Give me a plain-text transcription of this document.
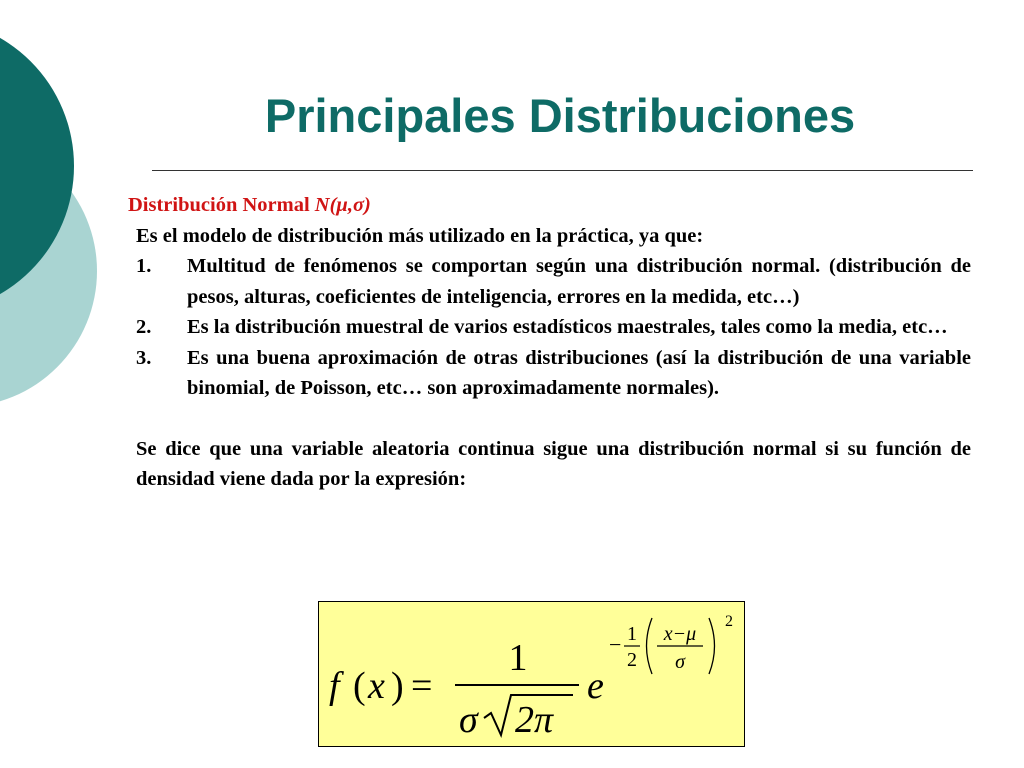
Principales Distribuciones
Distribución Normal N(μ,σ)

Es el modelo de distribución más utilizado en la práctica, ya que:

1.	Multitud de fenómenos se comportan según una distribución normal. (distribución de pesos, alturas, coeficientes de inteligencia, errores en la medida, etc…)
2.	Es la distribución muestral de varios estadísticos maestrales, tales como la media, etc…
3.	Es una buena aproximación de otras distribuciones (así la distribución de una variable binomial, de Poisson, etc… son aproximadamente normales).

Se dice que una variable aleatoria continua sigue una distribución normal si su función de densidad viene dada por la expresión:

f ( x ) =
1
σ 2π
e
− 1
2
x−μ
σ
2
